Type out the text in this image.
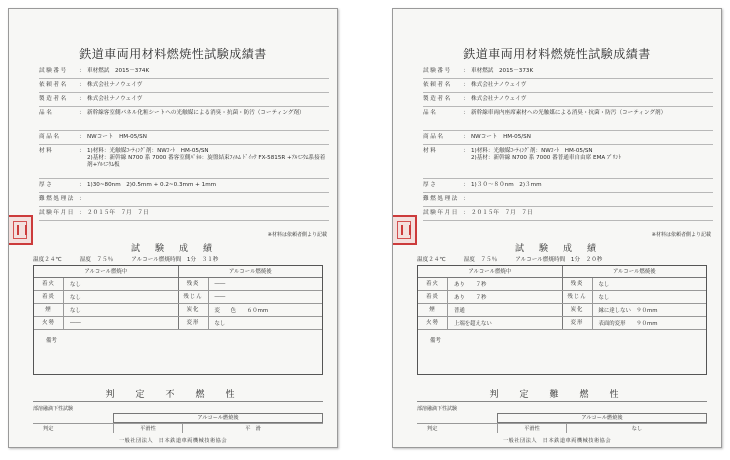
鉄道車両用材料燃焼性試験成績書
試験番号	： 車材燃試　2015－374K
依頼者名	： 株式会社ナノウェイヴ
製造者名	： 株式会社ナノウェイヴ
品名	： 新幹線客室側パネル化粧シートへの光触媒による消臭・抗菌・防汚（コーティング剤）
商品名	： NWコート　HM-05/SN
材料	： 1)材料：光触媒ｺｰﾃｨﾝｸﾞ剤：NWｺｰﾄ　HM-05/SN
2)基材：新幹線 N700 系 7000 番客室側ﾊﾟﾈﾙ：旋盤結束ﾌｨﾙﾑ ﾄﾞｲｯｸ FX-5815R +ｱﾙﾐﾆｳﾑ系接着剤+ｱﾙﾐﾆｳﾑ板
厚さ	： 1)30~80nm　2)0.5mm + 0.2~0.3mm + 1mm
難燃処理法 ：
試験年月日 ： ２０１５年　７月　７日
※材料は依頼者側より記載
試　験　成　績
温度２４℃	湿度　７５％	アルコール燃焼時間　1分　３１秒
アルコール燃焼中	アルコール燃焼後
着火	なし	残炎	――
着炎	なし	残じん	――
煙	なし	炭化	変　　色　　６０mm
火勢	――	変形	なし
備考
判　定　不　燃　性
部溶融滴下性試験
アルコール燃焼後
判定	平滑性	平　滑
一般社団法人　日本鉄道車両機械技術協会
鉄道車両用材料燃焼性試験成績書
試験番号	： 車材燃試　2015－373K
依頼者名	： 株式会社ナノウェイヴ
製造者名	： 株式会社ナノウェイヴ
品名	： 新幹線車両内座席素材への光触媒による消臭・抗菌・防汚（コーティング剤）
商品名	： NWコート　HM-05/SN
材料	： 1)材料：光触媒ｺｰﾃｨﾝｸﾞ剤：NWｺｰﾄ　HM-05/SN
2)基材：新幹線 N700 系 7000 番普通車自由席 EMA ﾌﾟﾘﾝﾄ
厚さ	： 1)３０～８０nm　2)３mm
難燃処理法 ：
試験年月日 ： ２０１５年　７月　７日
※材料は依頼者側より記載
試　験　成　績
温度２４℃	湿度　７５％	アルコール燃焼時間　1分　２０秒
アルコール燃焼中	アルコール燃焼後
着火	あり　　７秒	残炎	なし
着炎	あり　　７秒	残じん	なし
煙	普通	炭化	縁に達しない　９０mm
火勢	上端を超えない	変形	表面的変形　　９０mm
備考
判　定　難　燃　性
部溶融滴下性試験
アルコール燃焼後
判定	平滑性	なし
一般社団法人　日本鉄道車両機械技術協会
